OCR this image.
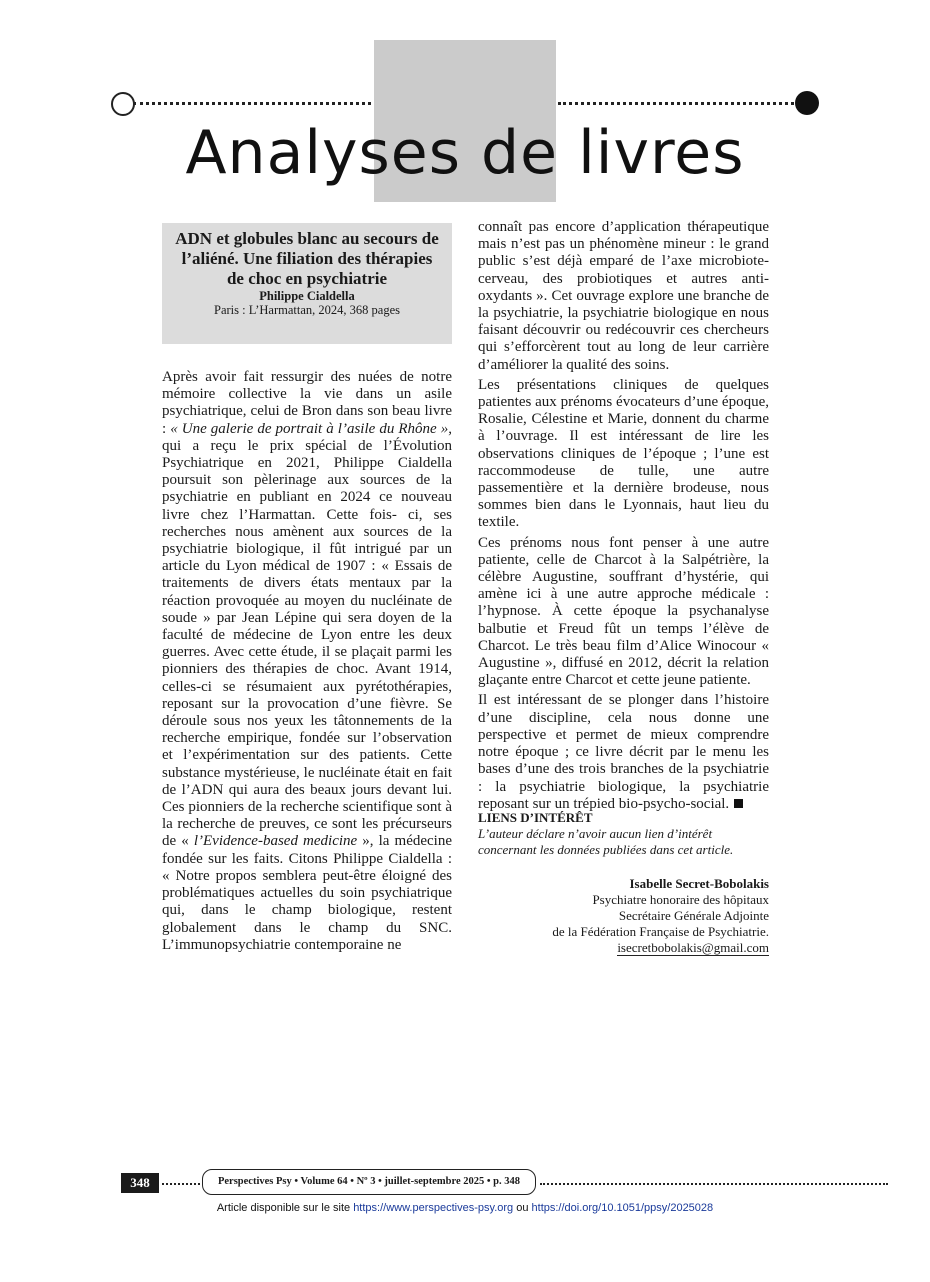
Analyses de livres
ADN et globules blanc au secours de l’aliéné. Une filiation des thérapies de choc en psychiatrie
Philippe Cialdella
Paris : L’Harmattan, 2024, 368 pages

Après avoir fait ressurgir des nuées de notre mémoire collective la vie dans un asile psychiatrique, celui de Bron dans son beau livre : « Une galerie de portrait à l’asile du Rhône », qui a reçu le prix spécial de l’Évolution Psychiatrique en 2021, Philippe Cialdella poursuit son pèlerinage aux sources de la psychiatrie en publiant en 2024 ce nouveau livre chez l’Harmattan. Cette fois- ci, ses recherches nous amènent aux sources de la psychiatrie biologique, il fût intrigué par un article du Lyon médical de 1907 : « Essais de traitements de divers états mentaux par la réaction provoquée au moyen du nucléinate de soude » par Jean Lépine qui sera doyen de la faculté de médecine de Lyon entre les deux guerres. Avec cette étude, il se plaçait parmi les pionniers des thérapies de choc. Avant 1914, celles-ci se résumaient aux pyrétothérapies, reposant sur la provocation d’une fièvre. Se déroule sous nos yeux les tâtonnements de la recherche empirique, fondée sur l’observation et l’expérimentation sur des patients. Cette substance mystérieuse, le nucléinate était en fait de l’ADN qui aura des beaux jours devant lui. Ces pionniers de la recherche scientifique sont à la recherche de preuves, ce sont les précurseurs de « l’Evidence-based medicine », la médecine fondée sur les faits. Citons Philippe Cialdella : « Notre propos semblera peut-être éloigné des problématiques actuelles du soin psychiatrique qui, dans le champ biologique, restent globalement dans le champ du SNC. L’immunopsychiatrie contemporaine ne

connaît pas encore d’application thérapeutique mais n’est pas un phénomène mineur : le grand public s’est déjà emparé de l’axe microbiote-cerveau, des probiotiques et autres anti-oxydants ». Cet ouvrage explore une branche de la psychiatrie, la psychiatrie biologique en nous faisant découvrir ou redécouvrir ces chercheurs qui s’efforcèrent tout au long de leur carrière d’améliorer la qualité des soins.

Les présentations cliniques de quelques patientes aux prénoms évocateurs d’une époque, Rosalie, Célestine et Marie, donnent du charme à l’ouvrage. Il est intéressant de lire les observations cliniques de l’époque ; l’une est raccommodeuse de tulle, une autre passementière et la dernière brodeuse, nous sommes bien dans le Lyonnais, haut lieu du textile.

Ces prénoms nous font penser à une autre patiente, celle de Charcot à la Salpétrière, la célèbre Augustine, souffrant d’hystérie, qui amène ici à une autre approche médicale : l’hypnose. À cette époque la psychanalyse balbutie et Freud fût un temps l’élève de Charcot. Le très beau film d’Alice Winocour « Augustine », diffusé en 2012, décrit la relation glaçante entre Charcot et cette jeune patiente.

Il est intéressant de se plonger dans l’histoire d’une discipline, cela nous donne une perspective et permet de mieux comprendre notre époque ; ce livre décrit par le menu les bases d’une des trois branches de la psychiatrie : la psychiatrie biologique, la psychiatrie reposant sur un trépied bio-psycho-social.

LIENS D’INTÉRÊT
L’auteur déclare n’avoir aucun lien d’intérêt concernant les données publiées dans cet article.
Isabelle Secret-Bobolakis
Psychiatre honoraire des hôpitaux
Secrétaire Générale Adjointe
de la Fédération Française de Psychiatrie.
isecretbobolakis@gmail.com
348	Perspectives Psy • Volume 64 • Nº 3 • juillet-septembre 2025 • p. 348
Article disponible sur le site https://www.perspectives-psy.org ou https://doi.org/10.1051/ppsy/2025028
